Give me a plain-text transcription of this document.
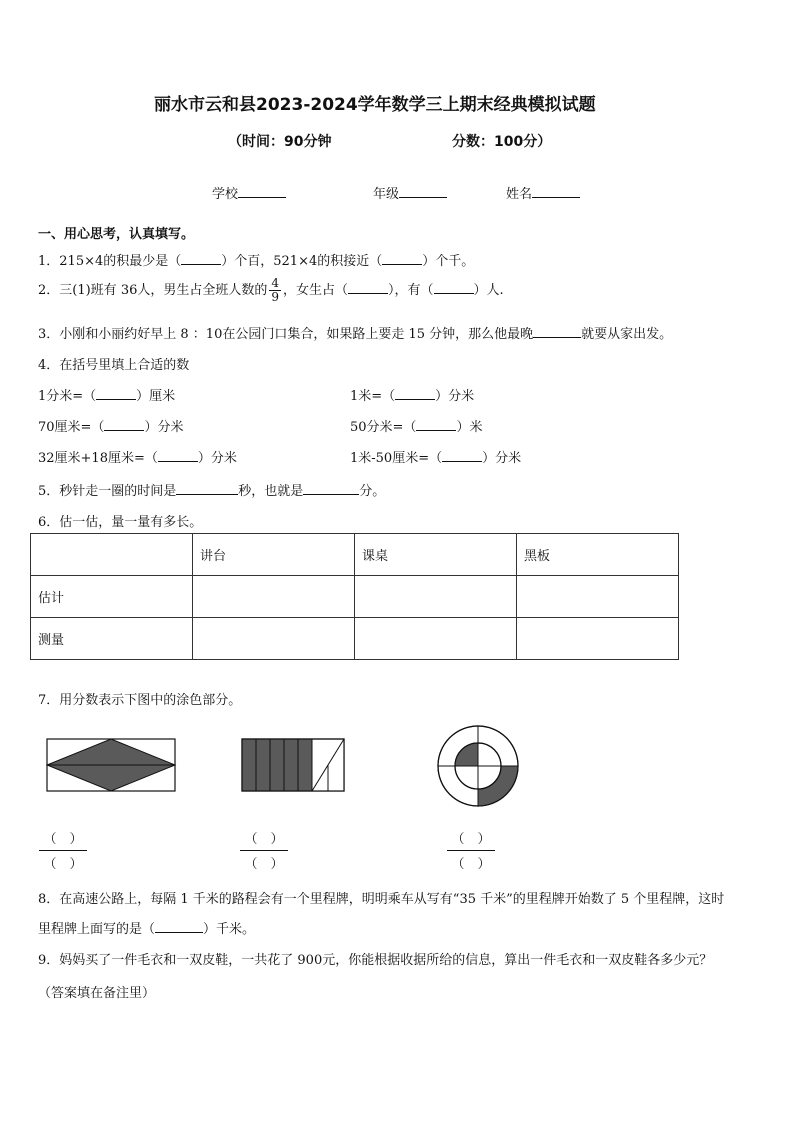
丽水市云和县2023-2024学年数学三上期末经典模拟试题
（时间：90分钟	分数：100分）
学校	年级	姓名
一、用心思考，认真填写。
1．215×4的积最少是（	）个百，521×4的积接近（	）个千。
2．三(1)班有 36人，男生占全班人数的 $\frac{4}{9}$ ，女生占（	），有（	）人.
3．小刚和小丽约好早上 8 ：10在公园门口集合，如果路上要走 15 分钟，那么他最晚	就要从家出发。
4．在括号里填上合适的数
1分米=（	）厘米	1米=（	）分米
70厘米=（	）分米	50分米=（	）米
32厘米+18厘米=（	）分米	1米-50厘米=（	）分米
5．秒针走一圈的时间是	秒，也就是	分。
6．估一估，量一量有多长。
	讲台	课桌	黑板
估计			
测量			
7．用分数表示下图中的涂色部分。
（　 ）
（　 ）
（　 ）
（　 ）
（　 ）
（　 ）
8．在高速公路上，每隔 1 千米的路程会有一个里程牌，明明乘车从写有“35 千米”的里程牌开始数了 5 个里程牌，这时
里程牌上面写的是（	）千米。
9．妈妈买了一件毛衣和一双皮鞋，一共花了 900元，你能根据收据所给的信息，算出一件毛衣和一双皮鞋各多少元？
（答案填在备注里）
